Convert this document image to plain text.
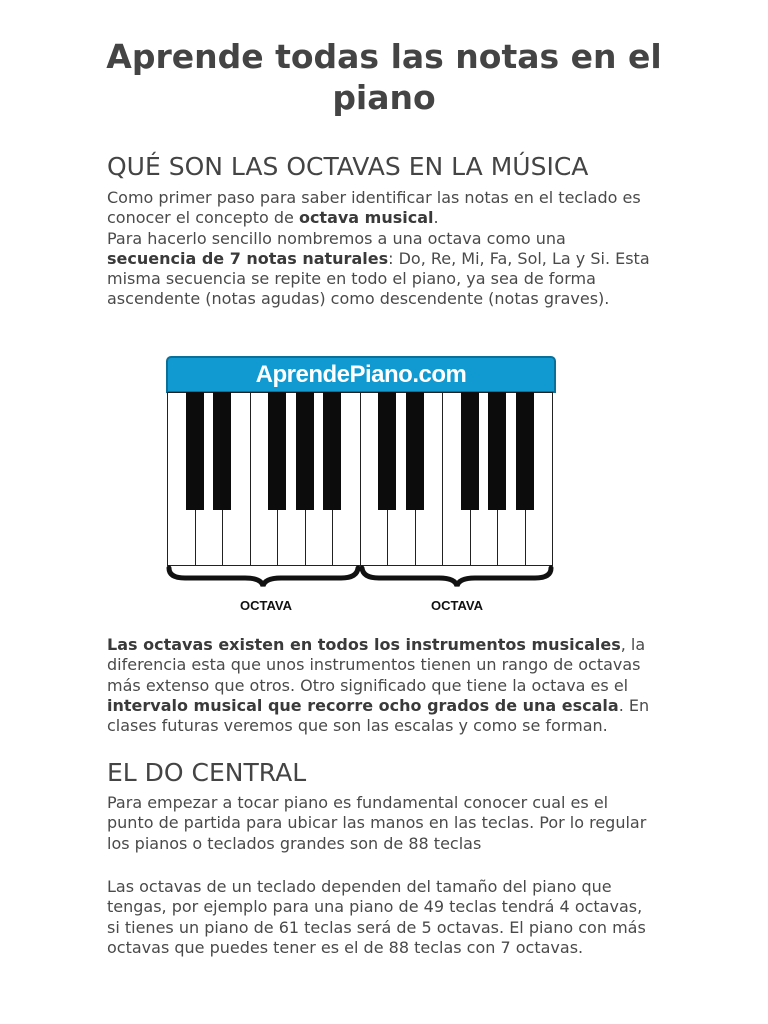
Aprende todas las notas en el piano
QUÉ SON LAS OCTAVAS EN LA MÚSICA

Como primer paso para saber identificar las notas en el teclado es conocer el concepto de octava musical.
Para hacerlo sencillo nombremos a una octava como una secuencia de 7 notas naturales: Do, Re, Mi, Fa, Sol, La y Si. Esta misma secuencia se repite en todo el piano, ya sea de forma ascendente (notas agudas) como descendente (notas graves).

AprendePiano.com
OCTAVA	OCTAVA

Las octavas existen en todos los instrumentos musicales, la diferencia esta que unos instrumentos tienen un rango de octavas más extenso que otros. Otro significado que tiene la octava es el intervalo musical que recorre ocho grados de una escala. En clases futuras veremos que son las escalas y como se forman.

EL DO CENTRAL

Para empezar a tocar piano es fundamental conocer cual es el punto de partida para ubicar las manos en las teclas. Por lo regular los pianos o teclados grandes son de 88 teclas

Las octavas de un teclado dependen del tamaño del piano que tengas, por ejemplo para una piano de 49 teclas tendrá 4 octavas, si tienes un piano de 61 teclas será de 5 octavas. El piano con más octavas que puedes tener es el de 88 teclas con 7 octavas.
